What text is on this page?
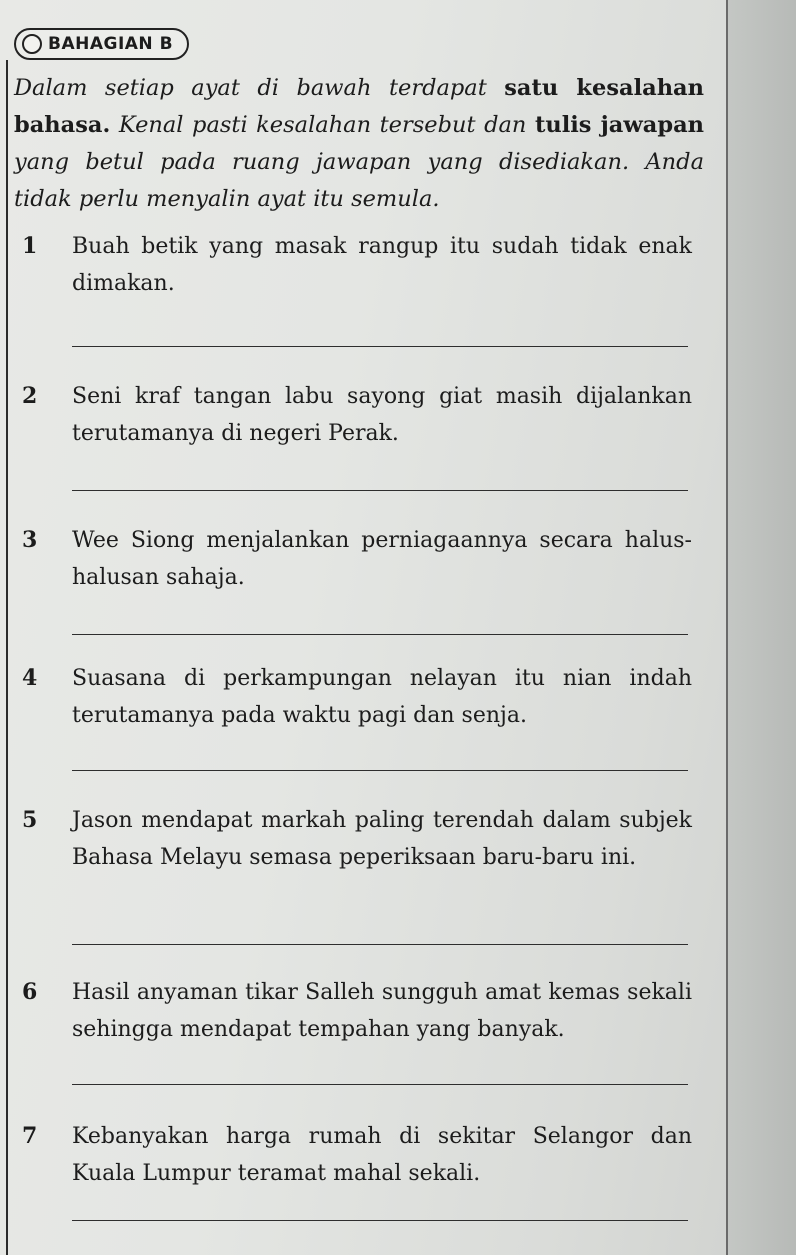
BAHAGIAN B
Dalam setiap ayat di bawah terdapat satu kesalahan bahasa. Kenal pasti kesalahan tersebut dan tulis jawapan yang betul pada ruang jawapan yang disediakan. Anda tidak perlu menyalin ayat itu semula.
1 Buah betik yang masak rangup itu sudah tidak enak dimakan.
2 Seni kraf tangan labu sayong giat masih dijalankan terutamanya di negeri Perak.
3 Wee Siong menjalankan perniagaannya secara halus-halusan sahaja.
4 Suasana di perkampungan nelayan itu nian indah terutamanya pada waktu pagi dan senja.
5 Jason mendapat markah paling terendah dalam subjek Bahasa Melayu semasa peperiksaan baru-baru ini.
6 Hasil anyaman tikar Salleh sungguh amat kemas sekali sehingga mendapat tempahan yang banyak.
7 Kebanyakan harga rumah di sekitar Selangor dan Kuala Lumpur teramat mahal sekali.
